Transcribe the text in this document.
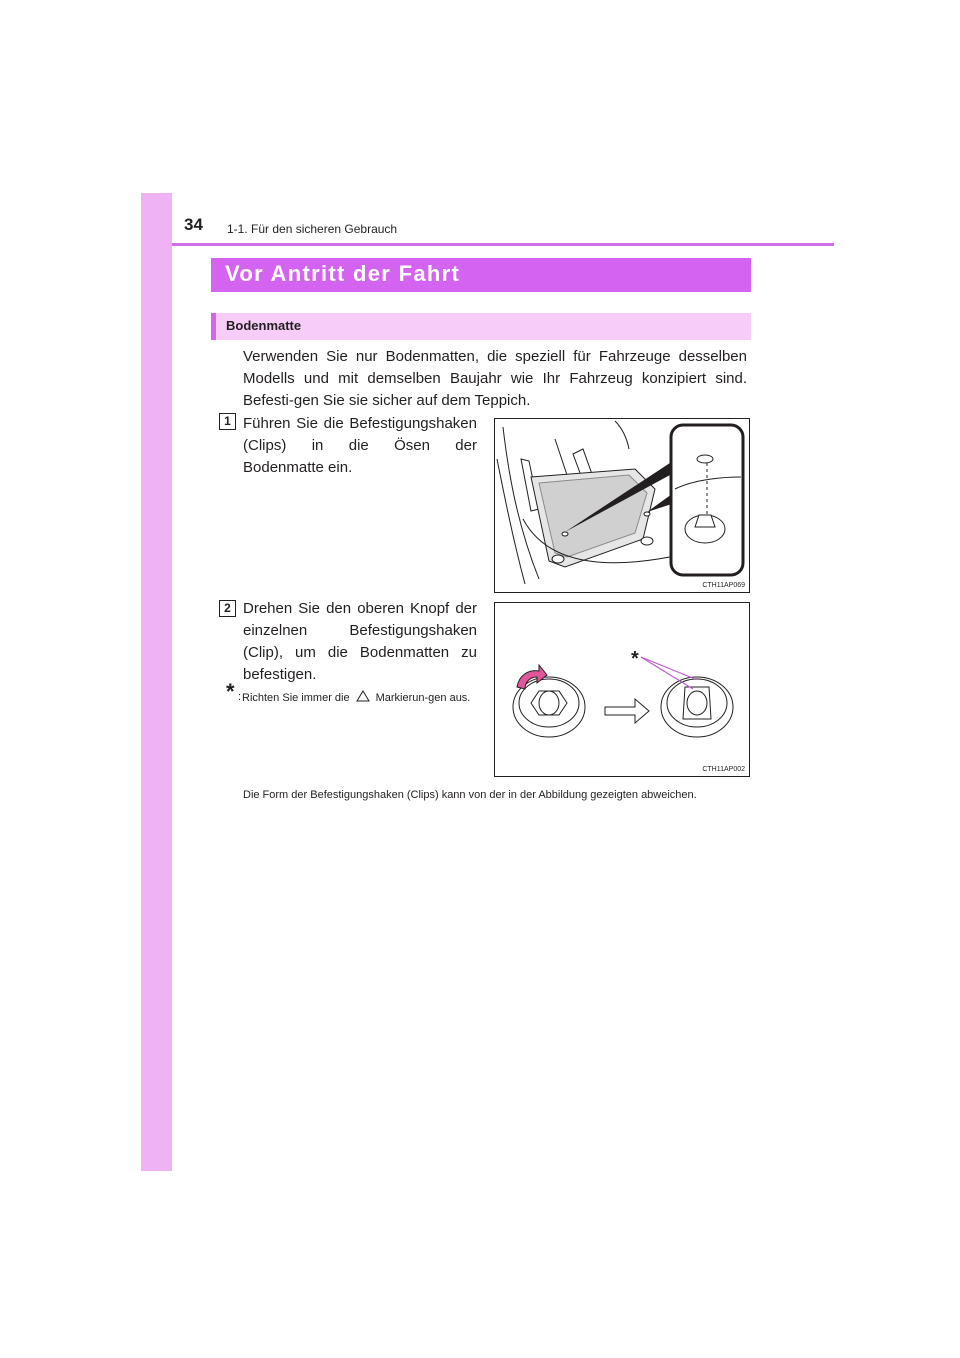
34 1-1. Für den sicheren Gebrauch
Vor Antritt der Fahrt
Bodenmatte

Verwenden Sie nur Bodenmatten, die speziell für Fahrzeuge desselben Modells und mit demselben Baujahr wie Ihr Fahrzeug konzipiert sind. Befesti-gen Sie sie sicher auf dem Teppich.

1 Führen Sie die Befestigungshaken (Clips) in die Ösen der Bodenmatte ein.

CTH11AP069
2 Drehen Sie den oberen Knopf der einzelnen Befestigungshaken (Clip), um die Bodenmatten zu befestigen.

*
CTH11AP002
* : Richten Sie immer die Markierun-gen aus.

Die Form der Befestigungshaken (Clips) kann von der in der Abbildung gezeigten abweichen.
